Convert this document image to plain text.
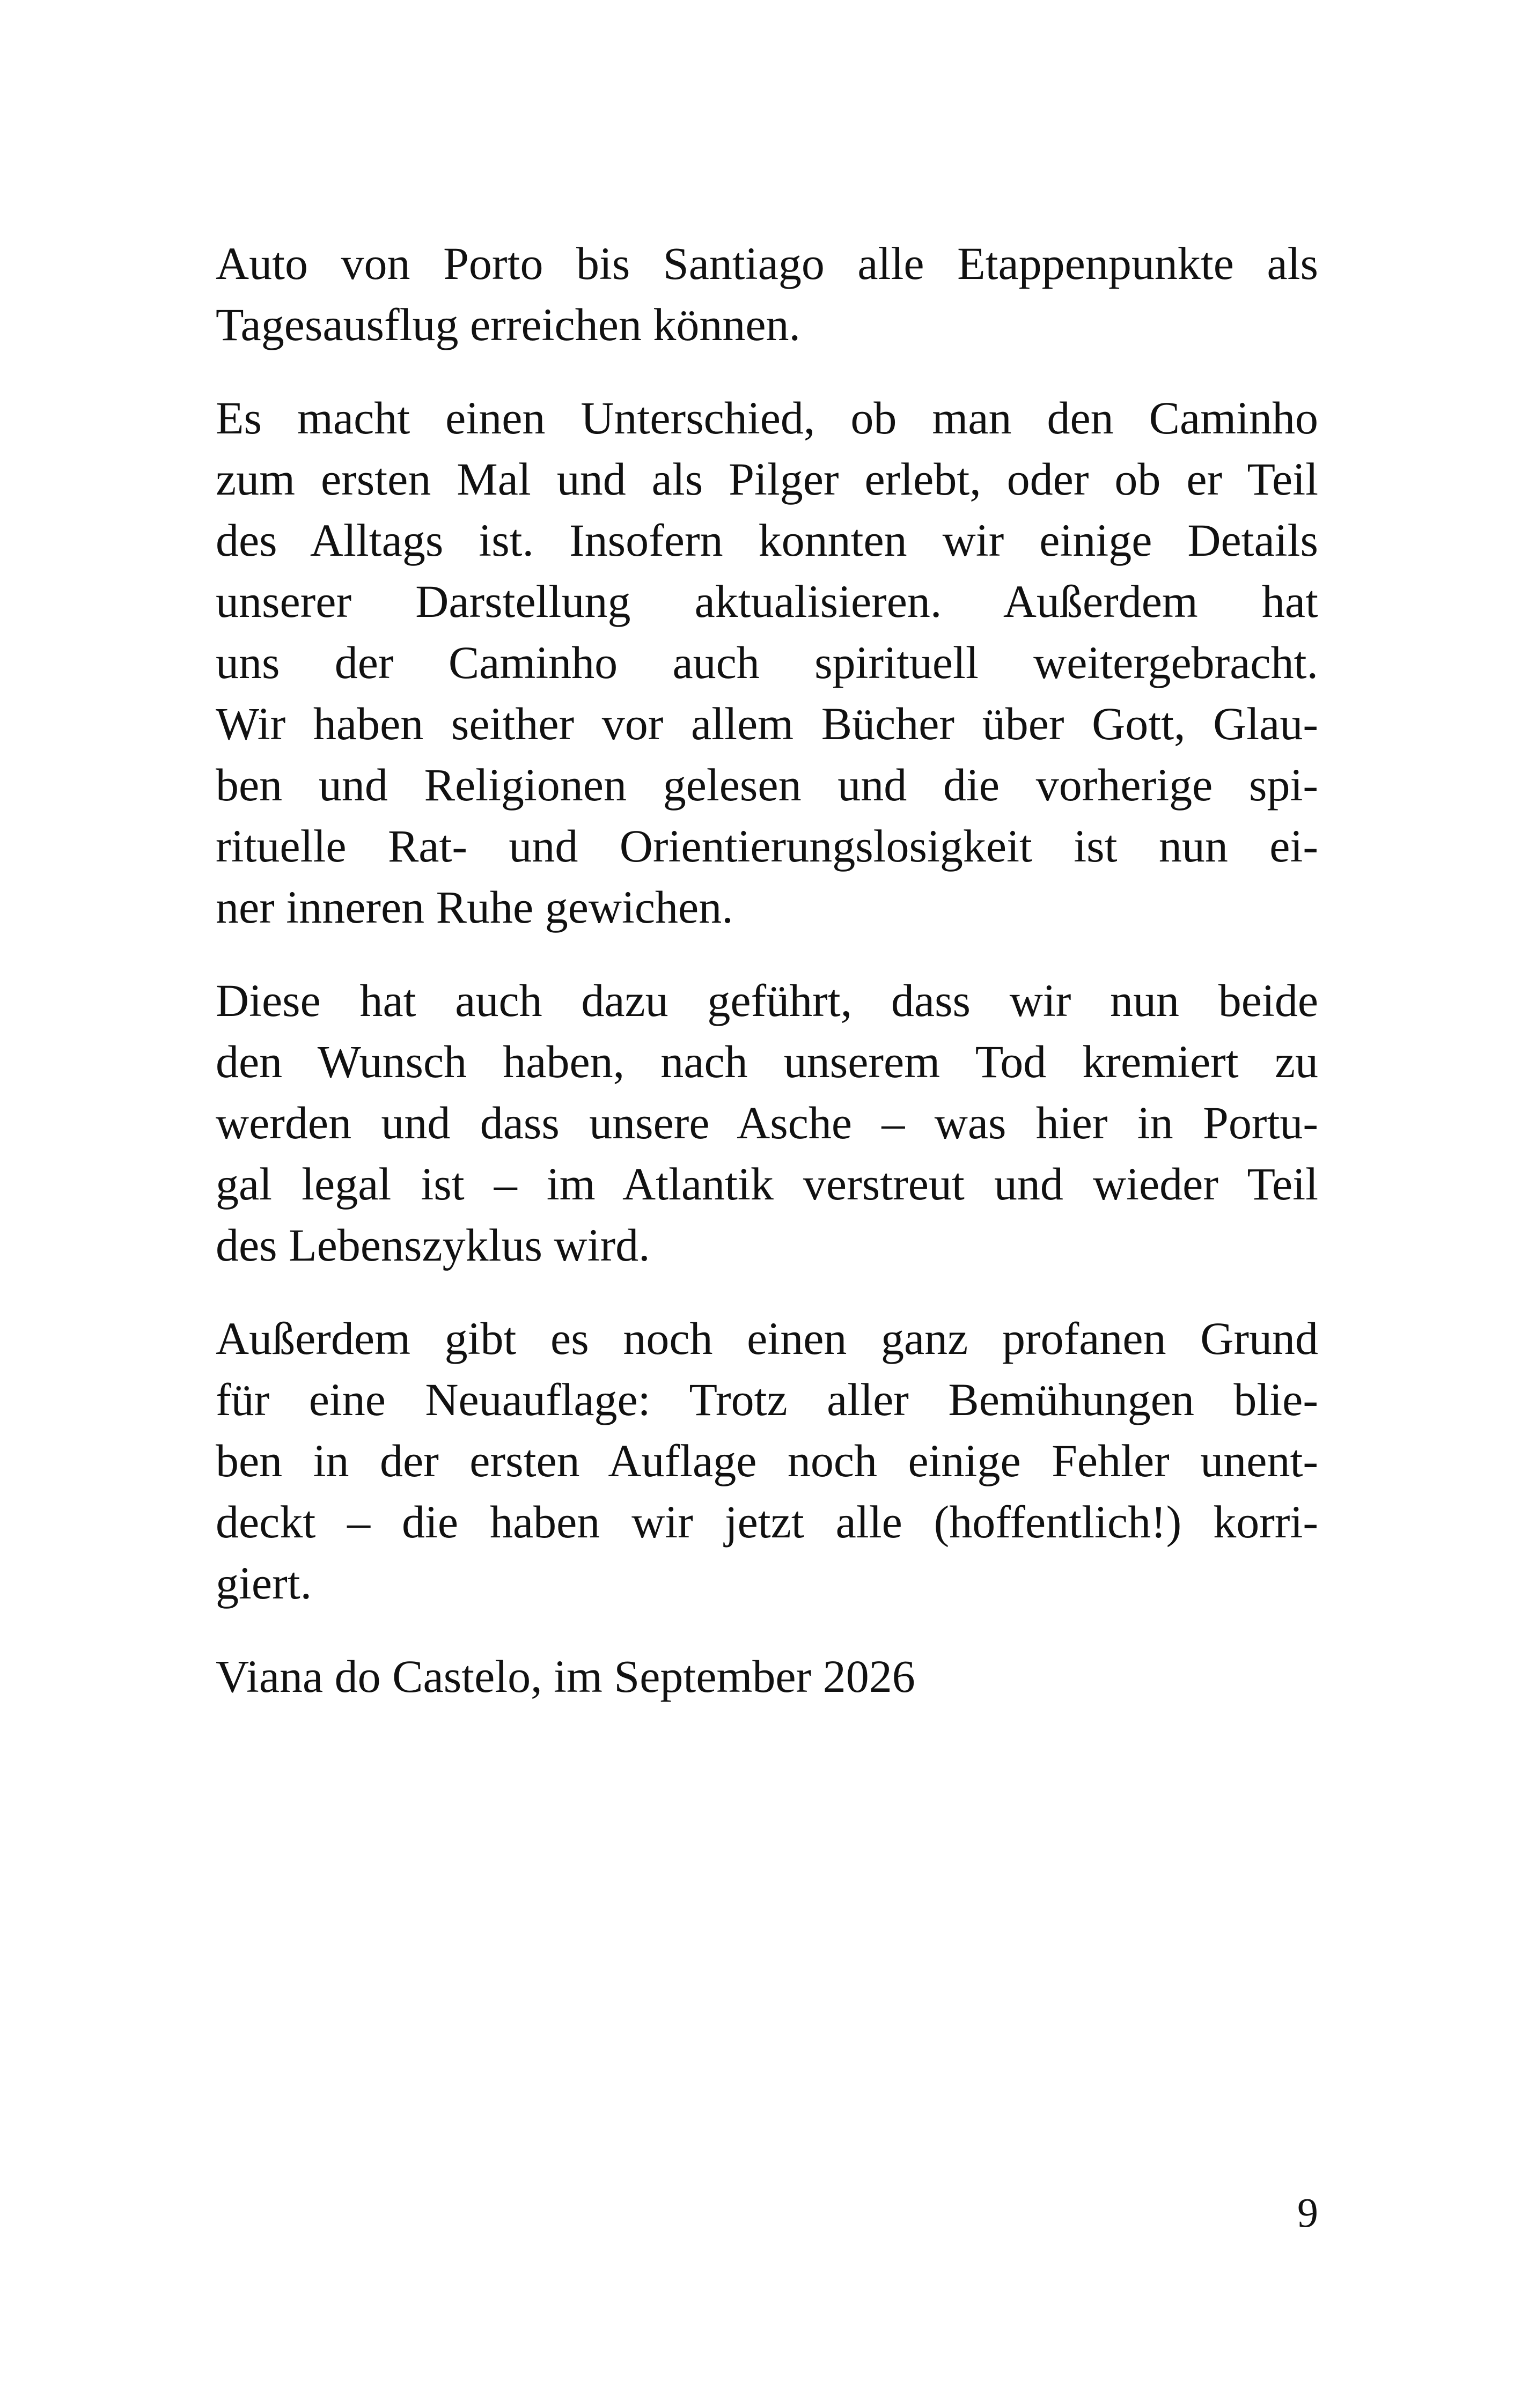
Auto von Porto bis Santiago alle Etappenpunkte als
Tagesausflug erreichen können.

Es macht einen Unterschied, ob man den Caminho
zum ersten Mal und als Pilger erlebt, oder ob er Teil
des Alltags ist. Insofern konnten wir einige Details
unserer Darstellung aktualisieren. Außerdem hat
uns der Caminho auch spirituell weitergebracht.
Wir haben seither vor allem Bücher über Gott, Glau-
ben und Religionen gelesen und die vorherige spi-
rituelle Rat- und Orientierungslosigkeit ist nun ei-
ner inneren Ruhe gewichen.

Diese hat auch dazu geführt, dass wir nun beide
den Wunsch haben, nach unserem Tod kremiert zu
werden und dass unsere Asche – was hier in Portu-
gal legal ist – im Atlantik verstreut und wieder Teil
des Lebenszyklus wird.

Außerdem gibt es noch einen ganz profanen Grund
für eine Neuauflage: Trotz aller Bemühungen blie-
ben in der ersten Auflage noch einige Fehler unent-
deckt – die haben wir jetzt alle (hoffentlich!) korri-
giert.

Viana do Castelo, im September 2026

9
